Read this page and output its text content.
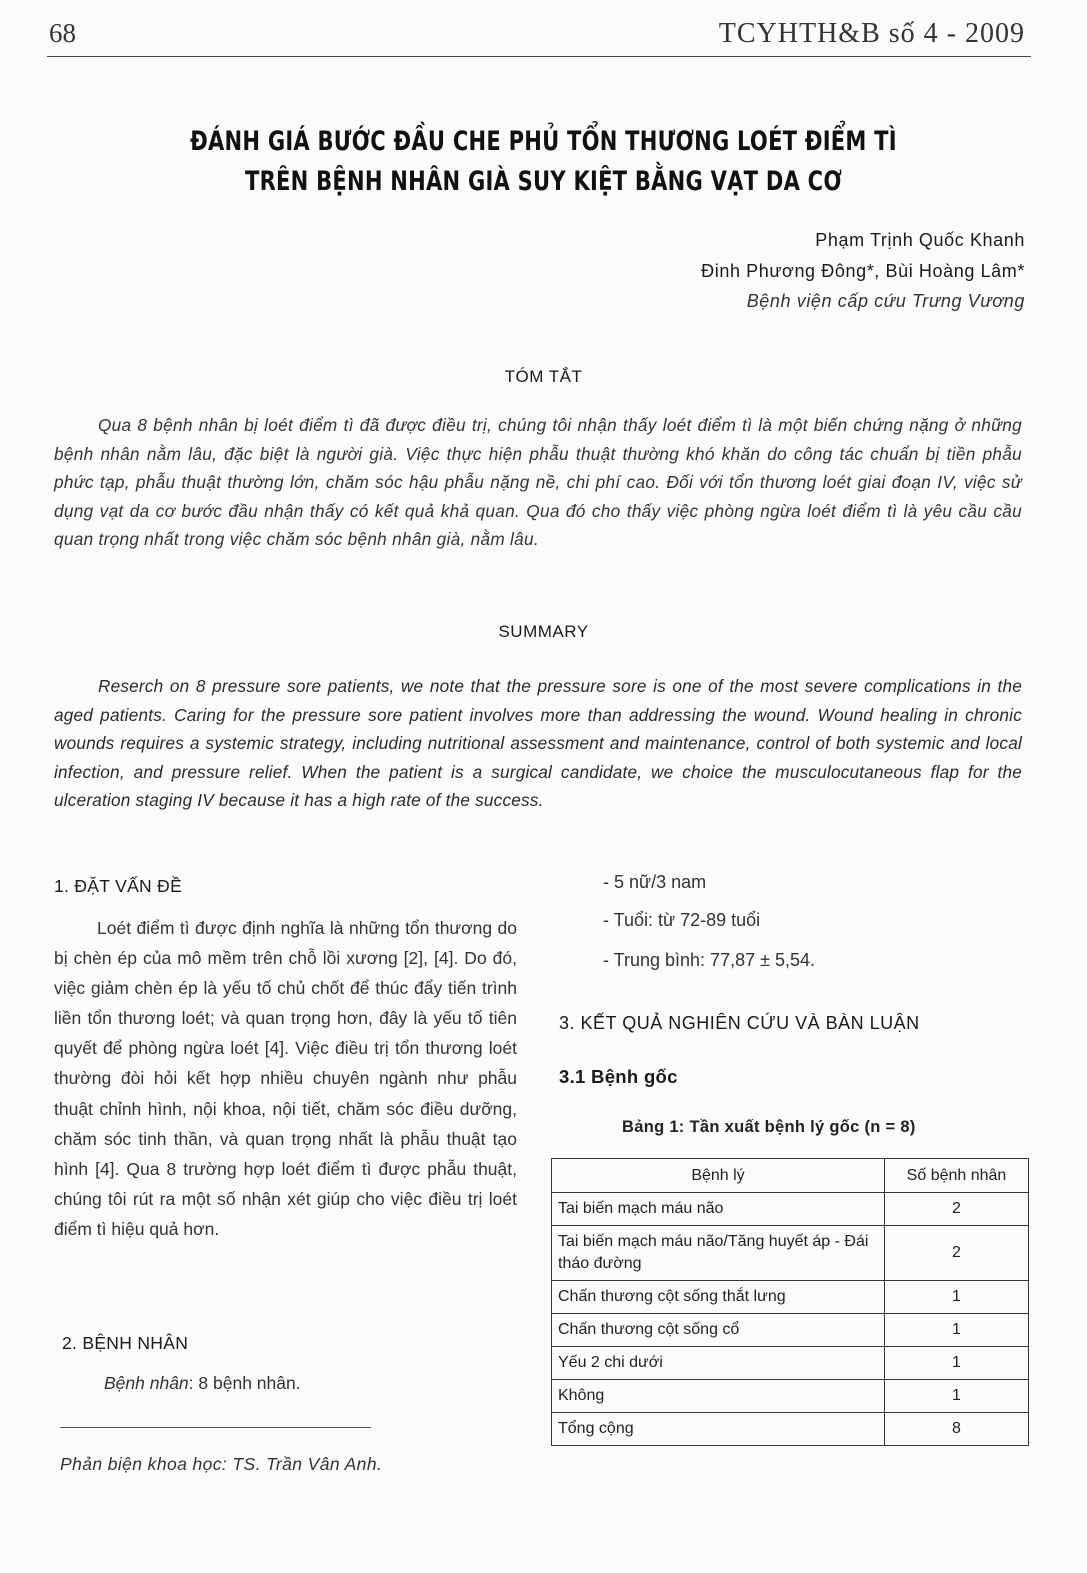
68	TCYHTH&B số 4 - 2009
ĐÁNH GIÁ BƯỚC ĐẦU CHE PHỦ TỔN THƯƠNG LOÉT ĐIỂM TÌ
TRÊN BỆNH NHÂN GIÀ SUY KIỆT BẰNG VẠT DA CƠ
Phạm Trịnh Quốc Khanh
Đinh Phương Đông*, Bùi Hoàng Lâm*
Bệnh viện cấp cứu Trưng Vương
TÓM TẮT
Qua 8 bệnh nhân bị loét điểm tì đã được điều trị, chúng tôi nhận thấy loét điểm tì là một biến chứng nặng ở những bệnh nhân nằm lâu, đặc biệt là người già. Việc thực hiện phẫu thuật thường khó khăn do công tác chuẩn bị tiền phẫu phức tạp, phẫu thuật thường lớn, chăm sóc hậu phẫu nặng nề, chi phí cao. Đối với tổn thương loét giai đoạn IV, việc sử dụng vạt da cơ bước đầu nhận thấy có kết quả khả quan. Qua đó cho thấy việc phòng ngừa loét điểm tì là yêu cầu cầu quan trọng nhất trong việc chăm sóc bệnh nhân già, nằm lâu.
SUMMARY
Reserch on 8 pressure sore patients, we note that the pressure sore is one of the most severe complications in the aged patients. Caring for the pressure sore patient involves more than addressing the wound. Wound healing in chronic wounds requires a systemic strategy, including nutritional assessment and maintenance, control of both systemic and local infection, and pressure relief. When the patient is a surgical candidate, we choice the musculocutaneous flap for the ulceration staging IV because it has a high rate of the success.
1. ĐẶT VẤN ĐỀ
Loét điểm tì được định nghĩa là những tổn thương do bị chèn ép của mô mềm trên chỗ lồi xương [2], [4]. Do đó, việc giảm chèn ép là yếu tố chủ chốt để thúc đẩy tiến trình liền tổn thương loét; và quan trọng hơn, đây là yếu tố tiên quyết để phòng ngừa loét [4]. Việc điều trị tổn thương loét thường đòi hỏi kết hợp nhiều chuyên ngành như phẫu thuật chỉnh hình, nội khoa, nội tiết, chăm sóc điều dưỡng, chăm sóc tinh thần, và quan trọng nhất là phẫu thuật tạo hình [4]. Qua 8 trường hợp loét điểm tì được phẫu thuật, chúng tôi rút ra một số nhận xét giúp cho việc điều trị loét điểm tì hiệu quả hơn.
2. BỆNH NHÂN
Bệnh nhân: 8 bệnh nhân.
Phản biện khoa học: TS. Trần Vân Anh.
- 5 nữ/3 nam
- Tuổi: từ 72-89 tuổi
- Trung bình: 77,87 ± 5,54.
3. KẾT QUẢ NGHIÊN CỨU VÀ BÀN LUẬN
3.1 Bệnh gốc
Bảng 1: Tần xuất bệnh lý gốc (n = 8)
Bệnh lý	Số bệnh nhân
Tai biến mạch máu não	2
Tai biến mạch máu não/Tăng huyết áp - Đái tháo đường	2
Chấn thương cột sống thắt lưng	1
Chấn thương cột sống cổ	1
Yếu 2 chi dưới	1
Không	1
Tổng cộng	8
